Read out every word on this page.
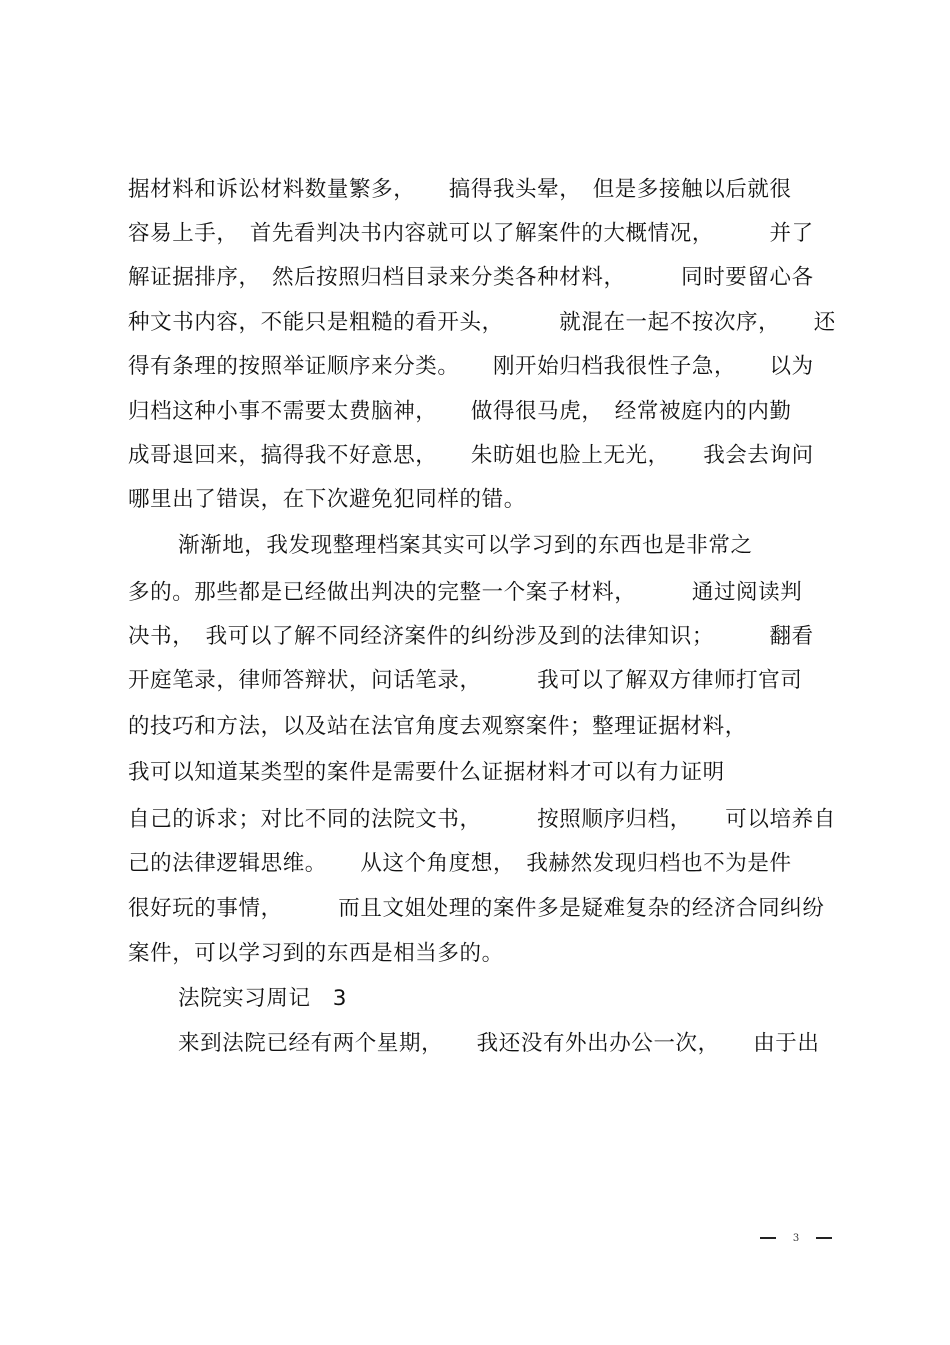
据材料和诉讼材料数量繁多，　　搞得我头晕，　但是多接触以后就很
容易上手，　首先看判决书内容就可以了解案件的大概情况，　　　并了
解证据排序，　然后按照归档目录来分类各种材料，　　　同时要留心各
种文书内容，不能只是粗糙的看开头，　　　就混在一起不按次序，　　还
得有条理的按照举证顺序来分类。　　刚开始归档我很性子急，　　以为
归档这种小事不需要太费脑神，　　做得很马虎，　经常被庭内的内勤
成哥退回来，搞得我不好意思，　　朱昉姐也脸上无光，　　我会去询问
哪里出了错误，在下次避免犯同样的错。
渐渐地，我发现整理档案其实可以学习到的东西也是非常之
多的。那些都是已经做出判决的完整一个案子材料，　　　通过阅读判
决书，　我可以了解不同经济案件的纠纷涉及到的法律知识；　　　翻看
开庭笔录，律师答辩状，问话笔录，　　　我可以了解双方律师打官司
的技巧和方法，以及站在法官角度去观察案件；整理证据材料，
我可以知道某类型的案件是需要什么证据材料才可以有力证明
自己的诉求；对比不同的法院文书，　　　按照顺序归档，　　可以培养自
己的法律逻辑思维。　　从这个角度想，　我赫然发现归档也不为是件
很好玩的事情，　　　而且文姐处理的案件多是疑难复杂的经济合同纠纷
案件，可以学习到的东西是相当多的。
法院实习周记　3
来到法院已经有两个星期，　　我还没有外出办公一次，　　由于出
3
